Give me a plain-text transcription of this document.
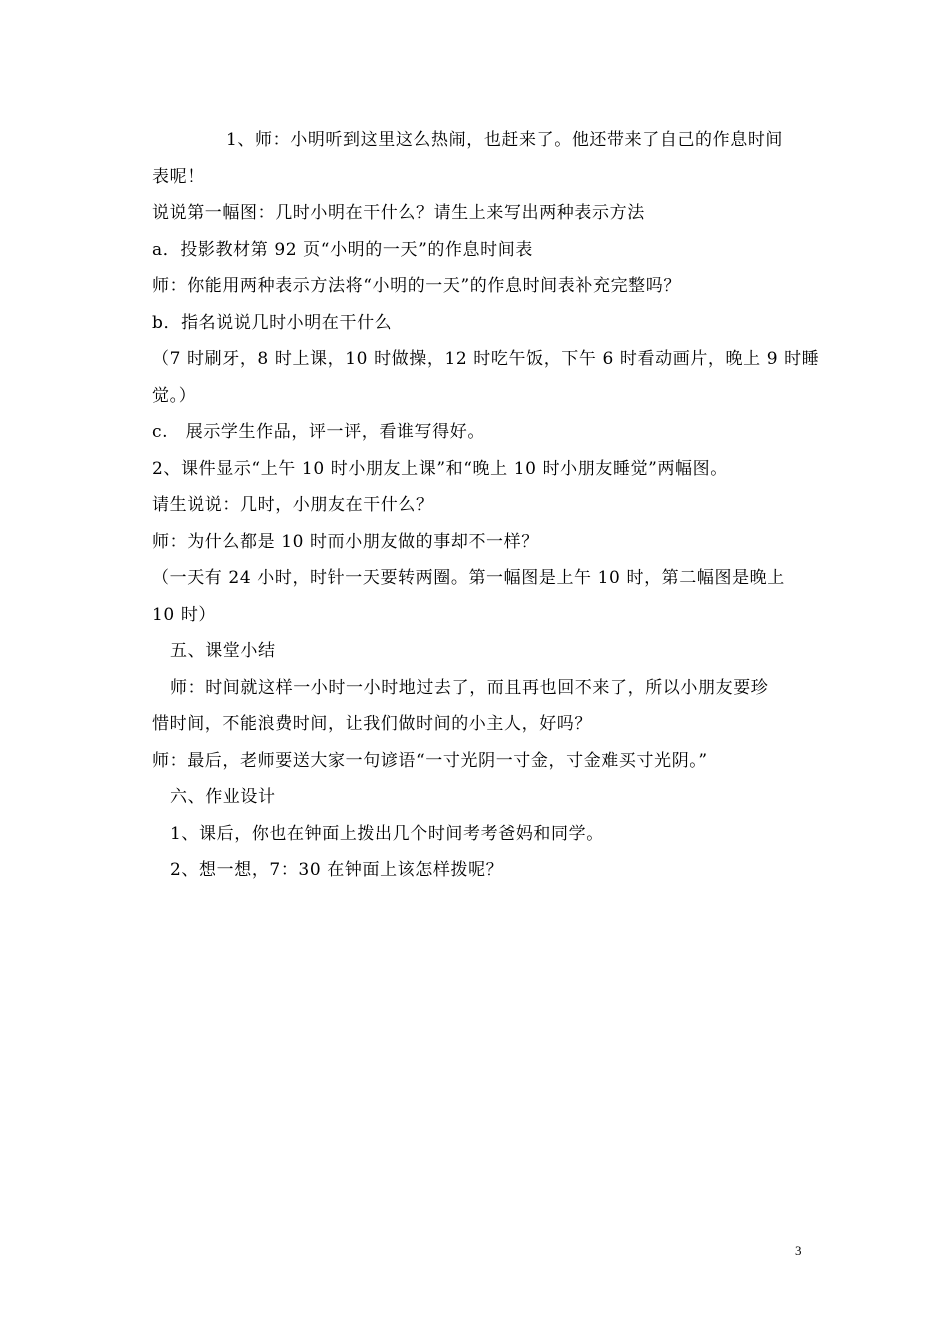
1、师：小明听到这里这么热闹，也赶来了。他还带来了自己的作息时间
表呢！
说说第一幅图：几时小明在干什么？请生上来写出两种表示方法
a．投影教材第 92 页“小明的一天”的作息时间表
师：你能用两种表示方法将“小明的一天”的作息时间表补充完整吗？
b．指名说说几时小明在干什么
（7 时刷牙，8 时上课，10 时做操，12 时吃午饭，下午 6 时看动画片，晚上 9 时睡
觉。）
c.　展示学生作品，评一评，看谁写得好。
2、课件显示“上午 10 时小朋友上课”和“晚上 10 时小朋友睡觉”两幅图。
请生说说：几时，小朋友在干什么？
师：为什么都是 10 时而小朋友做的事却不一样？
（一天有 24 小时，时针一天要转两圈。第一幅图是上午 10 时，第二幅图是晚上
10 时）
五、课堂小结
师：时间就这样一小时一小时地过去了，而且再也回不来了，所以小朋友要珍
惜时间，不能浪费时间，让我们做时间的小主人，好吗？
师：最后，老师要送大家一句谚语“一寸光阴一寸金，寸金难买寸光阴。”
六、作业设计
1、课后，你也在钟面上拨出几个时间考考爸妈和同学。
2、想一想，7：30 在钟面上该怎样拨呢？
3
